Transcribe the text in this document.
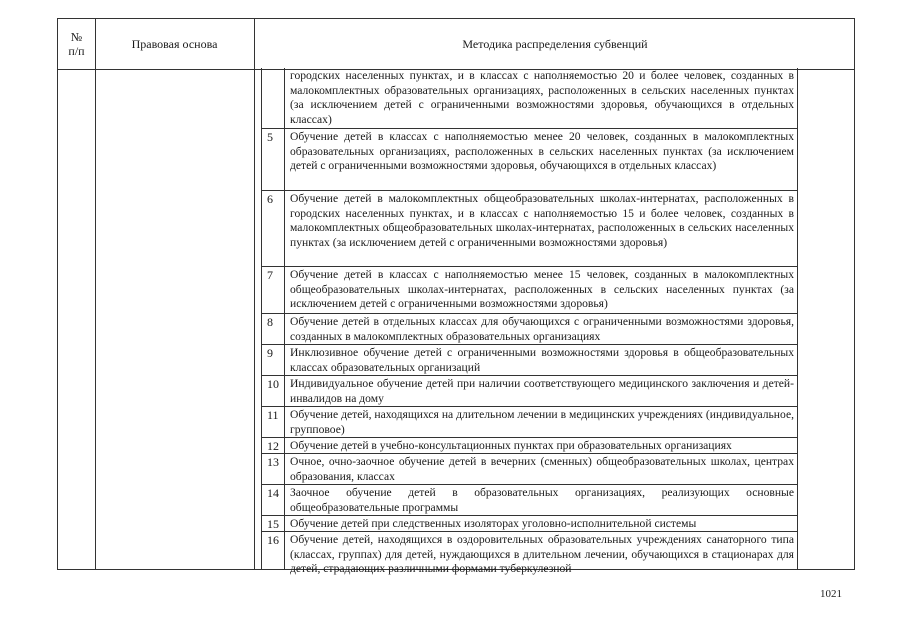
№
п/п	Правовая основа	Методика распределения субвенций
городских населенных пунктах, и в классах с наполняемостью 20 и более человек, созданных в малокомплектных образовательных организациях, расположенных в сельских населенных пунктах (за исключением детей с ограниченными возможностями здоровья, обучающихся в отдельных классах)
5	Обучение детей в классах с наполняемостью менее 20 человек, созданных в малокомплектных образовательных организациях, расположенных в сельских населенных пунктах (за исключением детей с ограниченными возможностями здоровья, обучающихся в отдельных классах)
6	Обучение детей в малокомплектных общеобразовательных школах-интернатах, расположенных в городских населенных пунктах, и в классах с наполняемостью 15 и более человек, созданных в малокомплектных общеобразовательных школах-интернатах, расположенных в сельских населенных пунктах (за исключением детей с ограниченными возможностями здоровья)
7	Обучение детей в классах с наполняемостью менее 15 человек, созданных в малокомплектных общеобразовательных школах-интернатах, расположенных в сельских населенных пунктах (за исключением детей с ограниченными возможностями здоровья)
8	Обучение детей в отдельных классах для обучающихся с ограниченными возможностями здоровья, созданных в малокомплектных образовательных организациях
9	Инклюзивное обучение детей с ограниченными возможностями здоровья в общеобразовательных классах образовательных организаций
10 Индивидуальное обучение детей при наличии соответствующего медицинского заключения и детей-инвалидов на дому
11 Обучение детей, находящихся на длительном лечении в медицинских учреждениях (индивидуальное, групповое)
12 Обучение детей в учебно-консультационных пунктах при образовательных организациях
13 Очное, очно-заочное обучение детей в вечерних (сменных) общеобразовательных школах, центрах образования, классах
14 Заочное обучение детей в образовательных организациях, реализующих основные общеобразовательные программы
15 Обучение детей при следственных изоляторах уголовно-исполнительной системы
16 Обучение детей, находящихся в оздоровительных образовательных учреждениях санаторного типа (классах, группах) для детей, нуждающихся в длительном лечении, обучающихся в стационарах для детей, страдающих различными формами туберкулезной
1021
